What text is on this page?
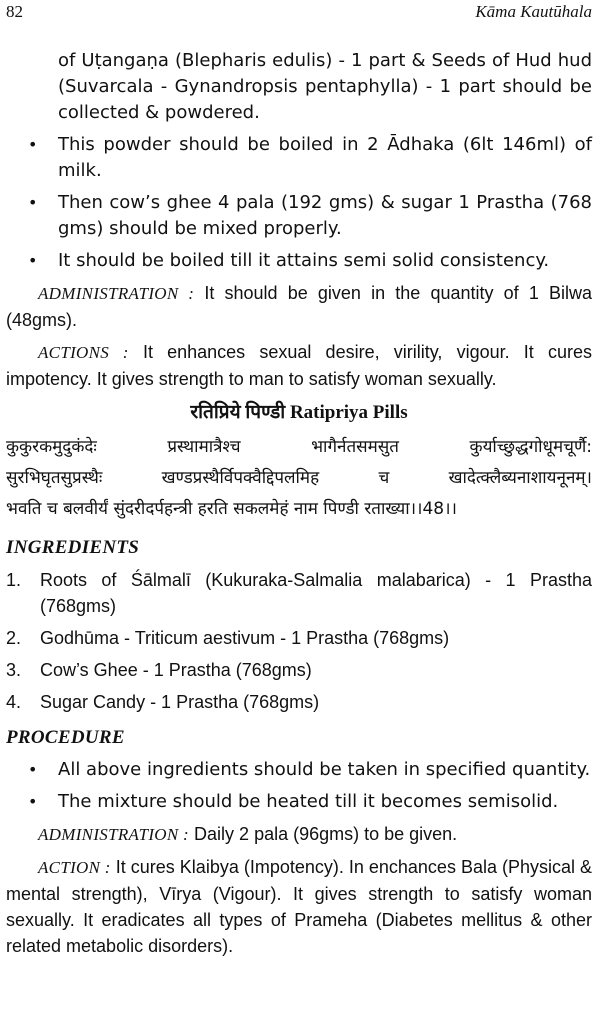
82	Kāma Kautūhala

of Uṭangaṇa (Blepharis edulis) - 1 part & Seeds of Hud hud (Suvarcala - Gynandropsis pentaphylla) - 1 part should be collected & powdered.

• This powder should be boiled in 2 Ādhaka (6lt 146ml) of milk.
• Then cow’s ghee 4 pala (192 gms) & sugar 1 Prastha (768 gms) should be mixed properly.
• It should be boiled till it attains semi solid consistency.

ADMINISTRATION : It should be given in the quantity of 1 Bilwa (48gms).

ACTIONS : It enhances sexual desire, virility, vigour. It cures impotency. It gives strength to man to satisfy woman sexually.

रतिप्रिये पिण्डी Ratipriya Pills

कुकुरकमुदुकंदेः प्रस्थामात्रैश्च भागैर्नतसमसुत कुर्याच्छुद्धगोधूमचूर्णै:

सुरभिघृतसुप्रस्थैः खण्डप्रस्थैर्विपक्वैद्दिपलमिह च खादेत्क्लैब्यनाशायनूनम्।

भवति च बलवीर्यं सुंदरीदर्पहन्त्री हरति सकलमेहं नाम पिण्डी रताख्या।।48।।

INGREDIENTS
1. Roots of Śālmalī (Kukuraka-Salmalia malabarica) - 1 Prastha (768gms)
2. Godhūma - Triticum aestivum - 1 Prastha (768gms)
3. Cow’s Ghee - 1 Prastha (768gms)
4. Sugar Candy - 1 Prastha (768gms)
PROCEDURE
• All above ingredients should be taken in specified quantity.
• The mixture should be heated till it becomes semisolid.

ADMINISTRATION : Daily 2 pala (96gms) to be given.

ACTION : It cures Klaibya (Impotency). In enchances Bala (Physical & mental strength), Vīrya (Vigour). It gives strength to satisfy woman sexually. It eradicates all types of Prameha (Diabetes mellitus & other related metabolic disorders).
